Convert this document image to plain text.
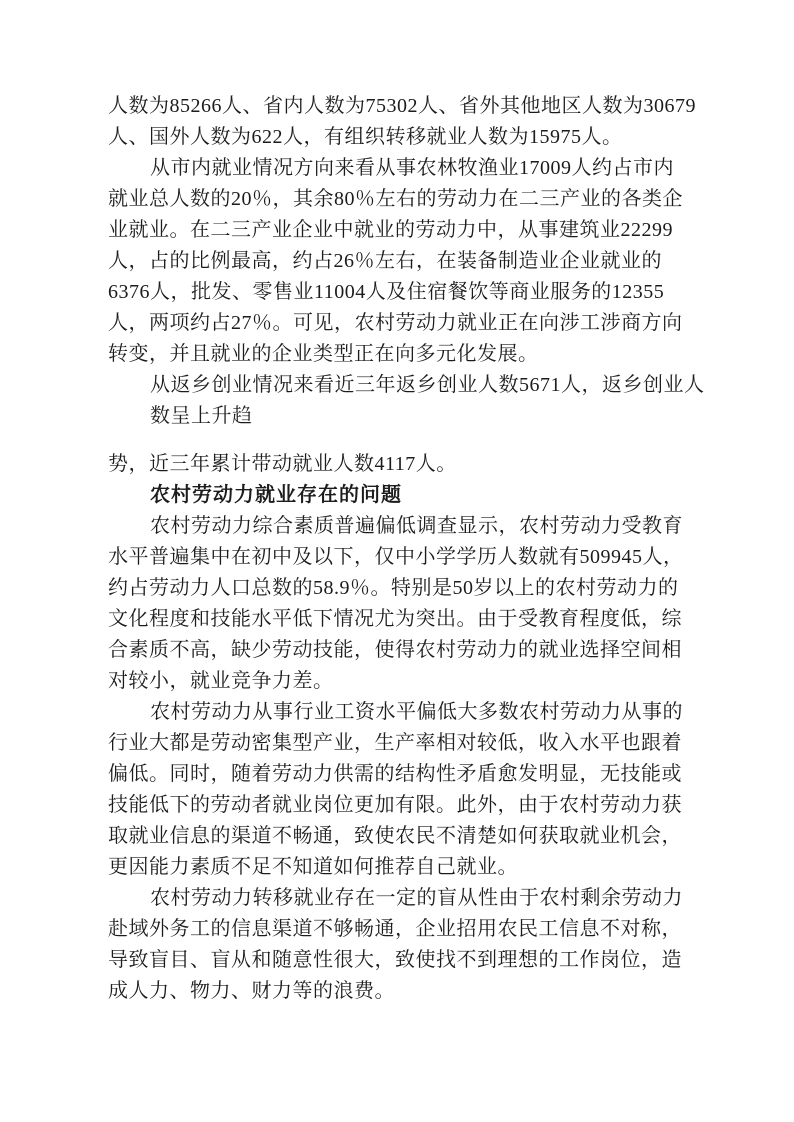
人数为85266人、省内人数为75302人、省外其他地区人数为30679
人、国外人数为622人，有组织转移就业人数为15975人。
从市内就业情况方向来看从事农林牧渔业17009人约占市内
就业总人数的20％，其余80％左右的劳动力在二三产业的各类企
业就业。在二三产业企业中就业的劳动力中，从事建筑业22299
人，占的比例最高，约占26％左右，在装备制造业企业就业的
6376人，批发、零售业11004人及住宿餐饮等商业服务的12355
人，两项约占27％。可见，农村劳动力就业正在向涉工涉商方向
转变，并且就业的企业类型正在向多元化发展。
从返乡创业情况来看近三年返乡创业人数5671人，返乡创业人
数呈上升趋
势，近三年累计带动就业人数4117人。
农村劳动力就业存在的问题
农村劳动力综合素质普遍偏低调查显示，农村劳动力受教育
水平普遍集中在初中及以下，仅中小学学历人数就有509945人，
约占劳动力人口总数的58.9％。特别是50岁以上的农村劳动力的
文化程度和技能水平低下情况尤为突出。由于受教育程度低，综
合素质不高，缺少劳动技能，使得农村劳动力的就业选择空间相
对较小，就业竞争力差。
农村劳动力从事行业工资水平偏低大多数农村劳动力从事的
行业大都是劳动密集型产业，生产率相对较低，收入水平也跟着
偏低。同时，随着劳动力供需的结构性矛盾愈发明显，无技能或
技能低下的劳动者就业岗位更加有限。此外，由于农村劳动力获
取就业信息的渠道不畅通，致使农民不清楚如何获取就业机会，
更因能力素质不足不知道如何推荐自己就业。
农村劳动力转移就业存在一定的盲从性由于农村剩余劳动力
赴域外务工的信息渠道不够畅通，企业招用农民工信息不对称，
导致盲目、盲从和随意性很大，致使找不到理想的工作岗位，造
成人力、物力、财力等的浪费。
